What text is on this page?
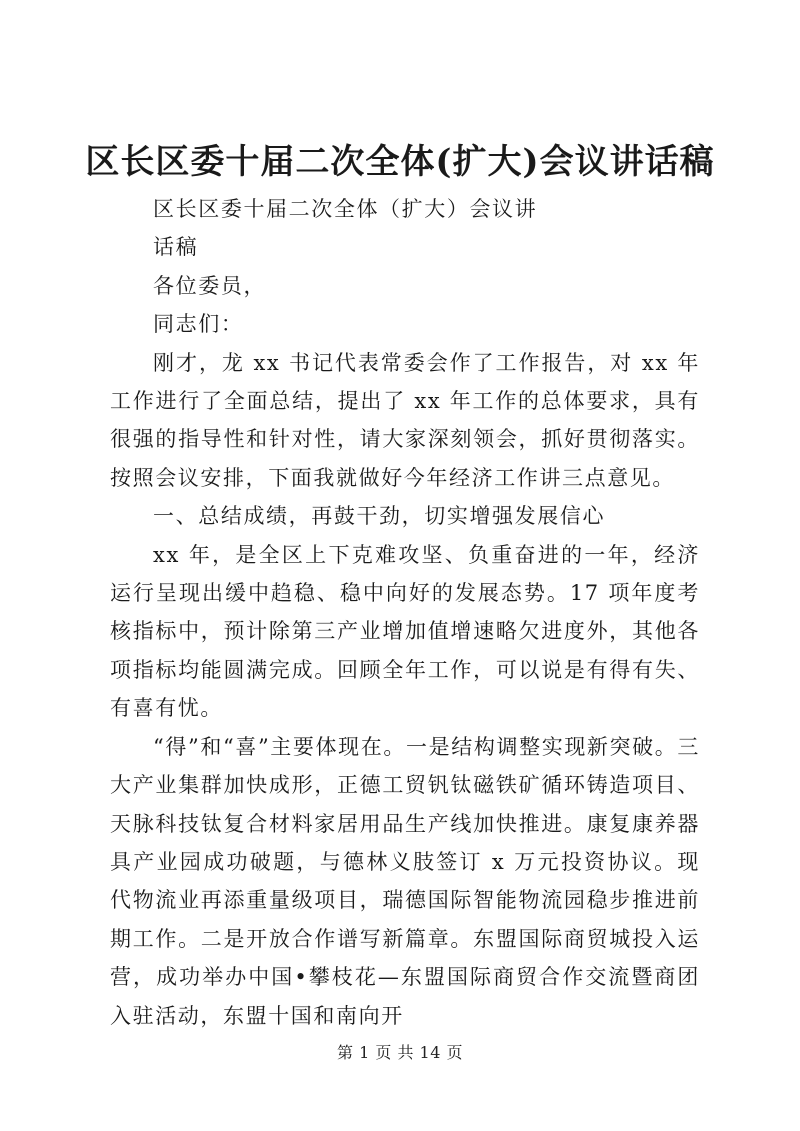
区长区委十届二次全体(扩大)会议讲话稿

区长区委十届二次全体（扩大）会议讲

话稿

各位委员，

同志们：

刚才，龙 xx 书记代表常委会作了工作报告，对 xx 年工作进行了全面总结，提出了 xx 年工作的总体要求，具有很强的指导性和针对性，请大家深刻领会，抓好贯彻落实。按照会议安排，下面我就做好今年经济工作讲三点意见。

一、总结成绩，再鼓干劲，切实增强发展信心

xx 年，是全区上下克难攻坚、负重奋进的一年，经济运行呈现出缓中趋稳、稳中向好的发展态势。17 项年度考核指标中，预计除第三产业增加值增速略欠进度外，其他各项指标均能圆满完成。回顾全年工作，可以说是有得有失、有喜有忧。

“得”和“喜”主要体现在。一是结构调整实现新突破。三大产业集群加快成形，正德工贸钒钛磁铁矿循环铸造项目、天脉科技钛复合材料家居用品生产线加快推进。康复康养器具产业园成功破题，与德林义肢签订 x 万元投资协议。现代物流业再添重量级项目，瑞德国际智能物流园稳步推进前期工作。二是开放合作谱写新篇章。东盟国际商贸城投入运营，成功举办中国•攀枝花—东盟国际商贸合作交流暨商团入驻活动，东盟十国和南向开

第 1 页 共 14 页
